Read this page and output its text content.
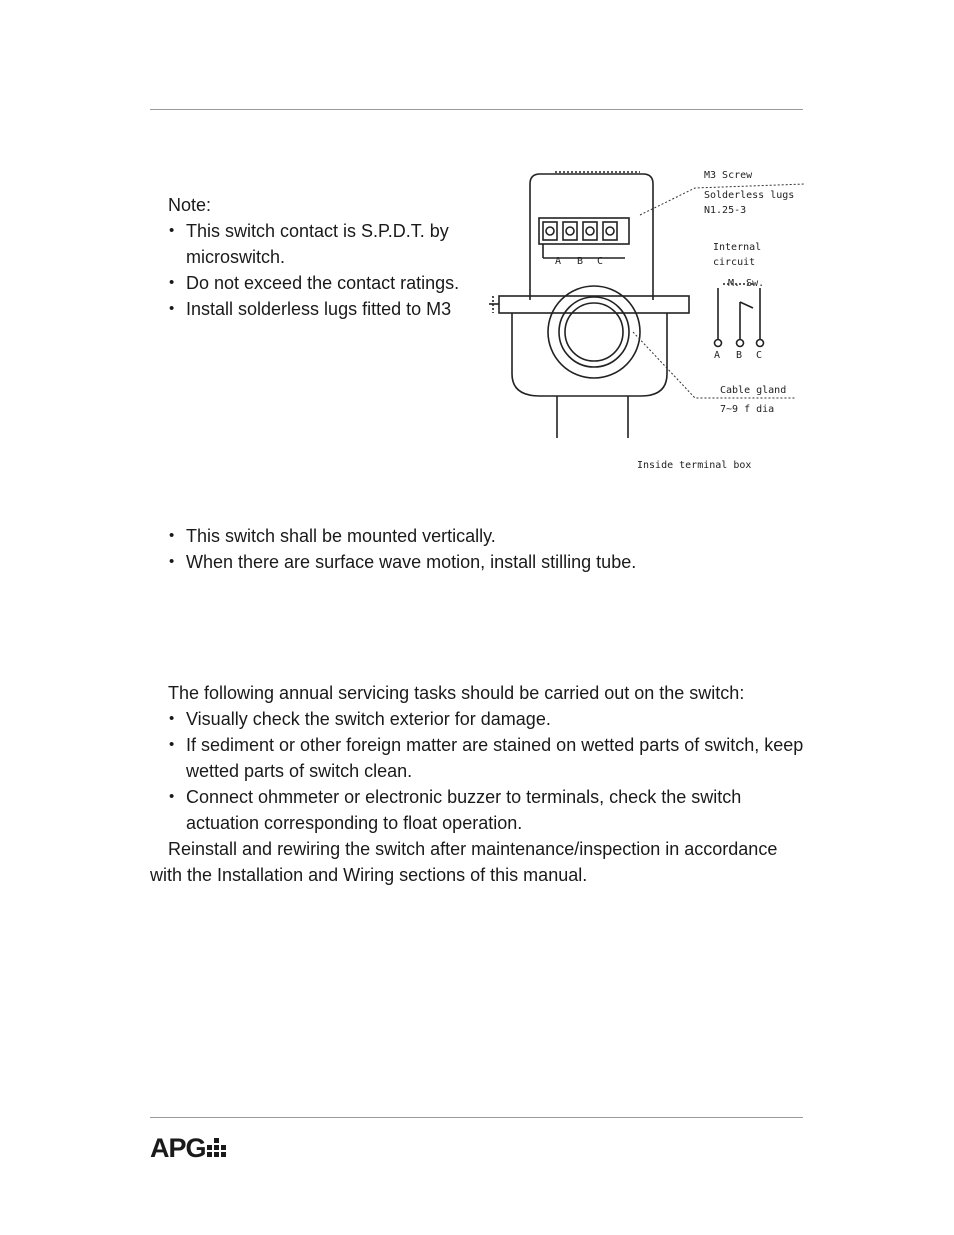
Note:
• This switch contact is S.P.D.T. by microswitch.
• Do not exceed the contact ratings.
• Install solderless lugs fitted to M3
A B C
M3 Screw
Solderless lugs
N1.25-3
Internal
circuit
M. Sw.
A B C
Cable gland
7~9 f dia
Inside terminal box
• This switch shall be mounted vertically.
• When there are surface wave motion, install stilling tube.
The following annual servicing tasks should be carried out on the switch:
• Visually check the switch exterior for damage.
• If sediment or other foreign matter are stained on wetted parts of switch, keep wetted parts of switch clean.
• Connect ohmmeter or electronic buzzer to terminals, check the switch actuation corresponding to float operation.
Reinstall and rewiring the switch after maintenance/inspection in accordance with the Installation and Wiring sections of this manual.
APG
